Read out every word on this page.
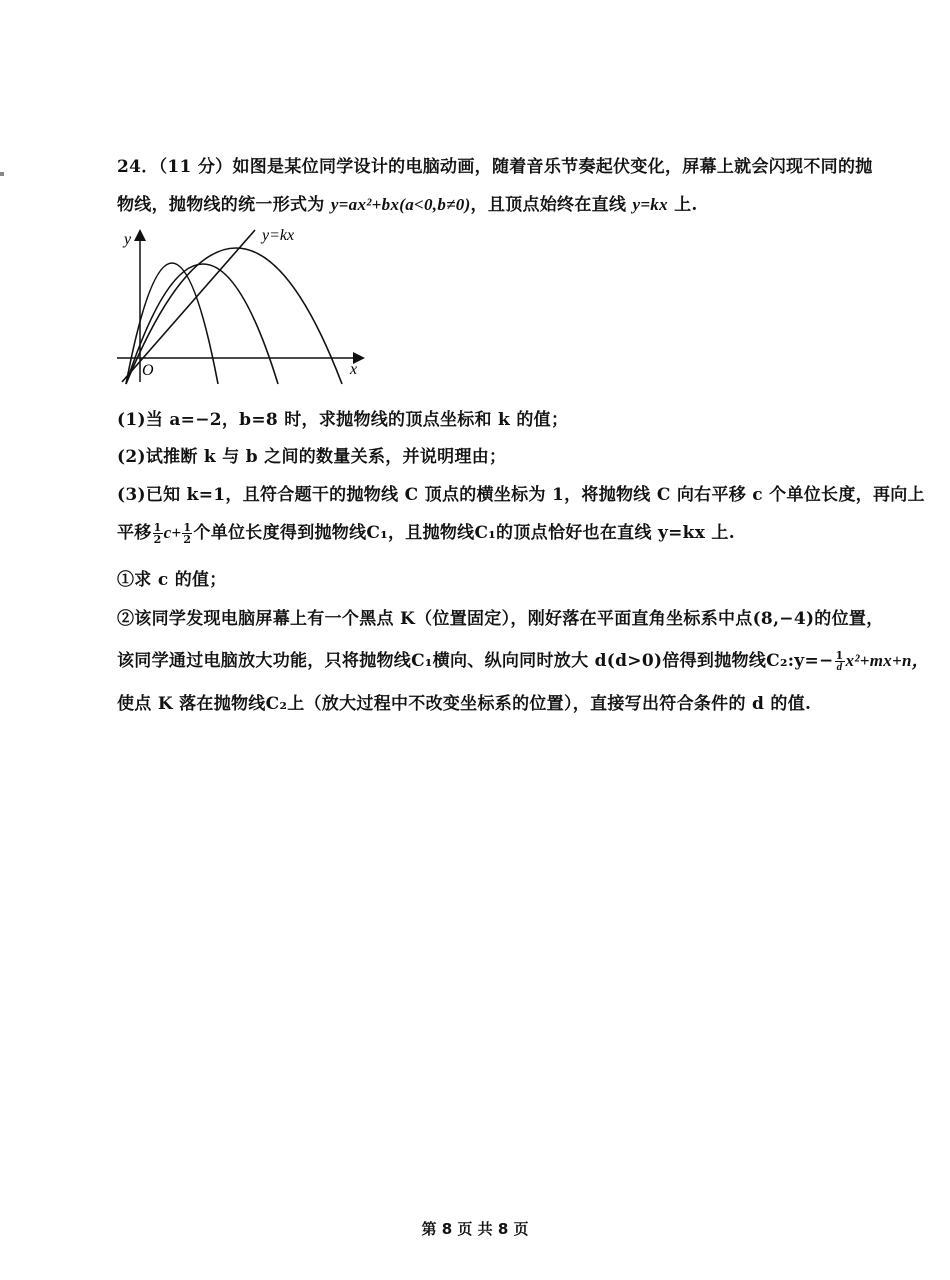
24．（11 分）如图是某位同学设计的电脑动画，随着音乐节奏起伏变化，屏幕上就会闪现不同的抛
物线，抛物线的统一形式为 y=ax²+bx(a<0,b≠0)，且顶点始终在直线 y=kx 上.
y
x
O
y=kx
(1)当 a=−2，b=8 时，求抛物线的顶点坐标和 k 的值；
(2)试推断 k 与 b 之间的数量关系，并说明理由；
(3)已知 k=1，且符合题干的抛物线 C 顶点的横坐标为 1，将抛物线 C 向右平移 c 个单位长度，再向上
平移 $\frac{1}{2} c+ \frac{1}{2}$ 个单位长度得到抛物线C₁，且抛物线C₁的顶点恰好也在直线 y=kx 上.
①求 c 的值；
②该同学发现电脑屏幕上有一个黑点 K（位置固定），刚好落在平面直角坐标系中点(8,−4)的位置，
该同学通过电脑放大功能，只将抛物线C₁横向、纵向同时放大 d(d>0)倍得到抛物线C₂:y=− $\frac{1}{d} x^2+mx+n$，
使点 K 落在抛物线C₂上（放大过程中不改变坐标系的位置），直接写出符合条件的 d 的值.
第 8 页 共 8 页
